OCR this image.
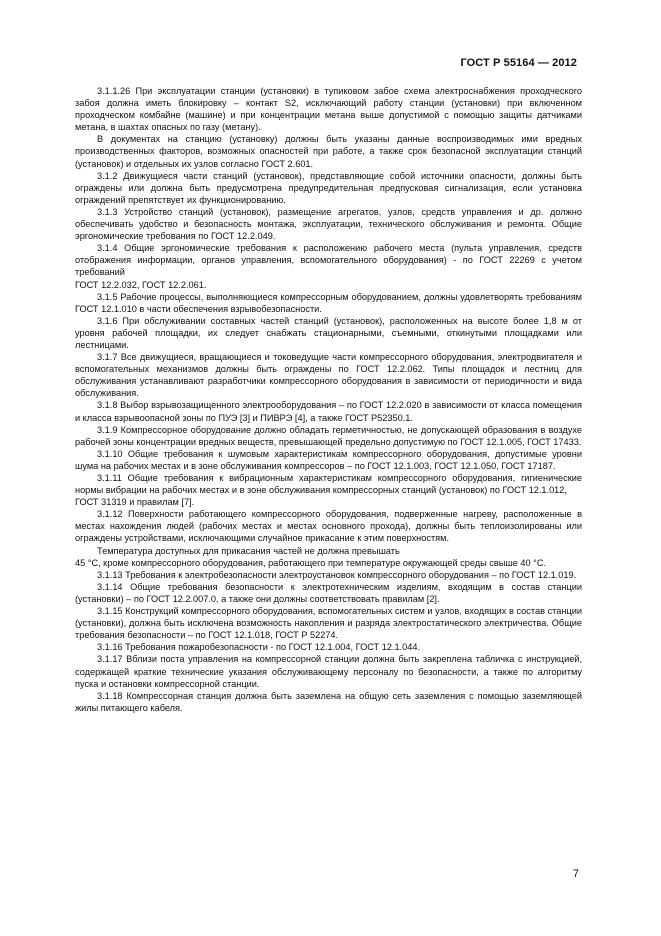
ГОСТ Р 55164 — 2012

3.1.1.26 При эксплуатации станции (установки) в тупиковом забое схема электроснабжения проходческого забоя должна иметь блокировку – контакт S2, исключающий работу станции (установки) при включенном проходческом комбайне (машине) и при концентрации метана выше допустимой с помощью защиты датчиками метана, в шахтах опасных по газу (метану).

В документах на станцию (установку) должны быть указаны данные воспроизводимых ими вредных производственных факторов, возможных опасностей при работе, а также срок безопасной эксплуатации станций (установок) и отдельных их узлов согласно ГОСТ 2.601.

3.1.2 Движущиеся части станций (установок), представляющие собой источники опасности, должны быть ограждены или должна быть предусмотрена предупредительная предпусковая сигнализация, если установка ограждений препятствует их функционированию.

3.1.3 Устройство станций (установок), размещение агрегатов, узлов, средств управления и др. должно обеспечивать удобство и безопасность монтажа, эксплуатации, технического обслуживания и ремонта. Общие эргономические требования по ГОСТ 12.2.049.

3.1.4 Общие эргономические требования к расположению рабочего места (пульта управления, средств отображения информации, органов управления, вспомогательного оборудования) - по ГОСТ 22269 с учетом требований

ГОСТ 12.2.032, ГОСТ 12.2.061.

3.1.5 Рабочие процессы, выполняющиеся компрессорным оборудованием, должны удовлетворять требованиям ГОСТ 12.1.010 в части обеспечения взрывобезопасности.

3.1.6 При обслуживании составных частей станций (установок), расположенных на высоте более 1,8 м от уровня рабочей площадки, их следует снабжать стационарными, съемными, откинутыми площадками или лестницами.

3.1.7 Все движущиеся, вращающиеся и токоведущие части компрессорного оборудования, электродвигателя и вспомогательных механизмов должны быть ограждены по ГОСТ 12.2.062. Типы площадок и лестниц для обслуживания устанавливают разработчики компрессорного оборудования в зависимости от периодичности и вида обслуживания.

3.1.8 Выбор взрывозащищенного электрооборудования – по ГОСТ 12.2.020 в зависимости от класса помещения и класса взрывоопасной зоны по ПУЭ [3] и ПИВРЭ [4], а также ГОСТ Р52350.1.

3.1.9 Компрессорное оборудование должно обладать герметичностью, не допускающей образования в воздухе рабочей зоны концентрации вредных веществ, превышающей предельно допустимую по ГОСТ 12.1.005, ГОСТ 17433.

3.1.10 Общие требования к шумовым характеристикам компрессорного оборудования, допустимые уровни шума на рабочих местах и в зоне обслуживания компрессоров – по ГОСТ 12.1.003, ГОСТ 12.1.050, ГОСТ 17187.

3.1.11 Общие требования к вибрационным характеристикам компрессорного оборудования, гигиенические нормы вибрации на рабочих местах и в зоне обслуживания компрессорных станций (установок) по ГОСТ 12.1.012,

ГОСТ 31319 и правилам [7].

3.1.12 Поверхности работающего компрессорного оборудования, подверженные нагреву, расположенные в местах нахождения людей (рабочих местах и местах основного прохода), должны быть теплоизолированы или ограждены устройствами, исключающими случайное прикасание к этим поверхностям.

Температура доступных для прикасания частей не должна превышать

45 °С, кроме компрессорного оборудования, работающего при температуре окружающей среды свыше 40 °С.

3.1.13 Требования к электробезопасности электроустановок компрессорного оборудования – по ГОСТ 12.1.019.

3.1.14 Общие требования безопасности к электротехническим изделиям, входящим в состав станции (установки) – по ГОСТ 12.2.007.0, а также они должны соответствовать правилам [2].

3.1.15 Конструкций компрессорного оборудования, вспомогательных систем и узлов, входящих в состав станции (установки), должна быть исключена возможность накопления и разряда электростатического электричества. Общие требования безопасности – по ГОСТ 12.1.018, ГОСТ Р 52274.

3.1.16 Требования пожаробезопасности - по ГОСТ 12.1.004, ГОСТ 12.1.044.

3.1.17 Вблизи поста управления на компрессорной станции должна быть закреплена табличка с инструкцией, содержащей краткие технические указания обслуживающему персоналу по безопасности, а также по алгоритму пуска и остановки компрессорной станции.

3.1.18 Компрессорная станция должна быть заземлена на общую сеть заземления с помощью заземляющей жилы питающего кабеля.

7
